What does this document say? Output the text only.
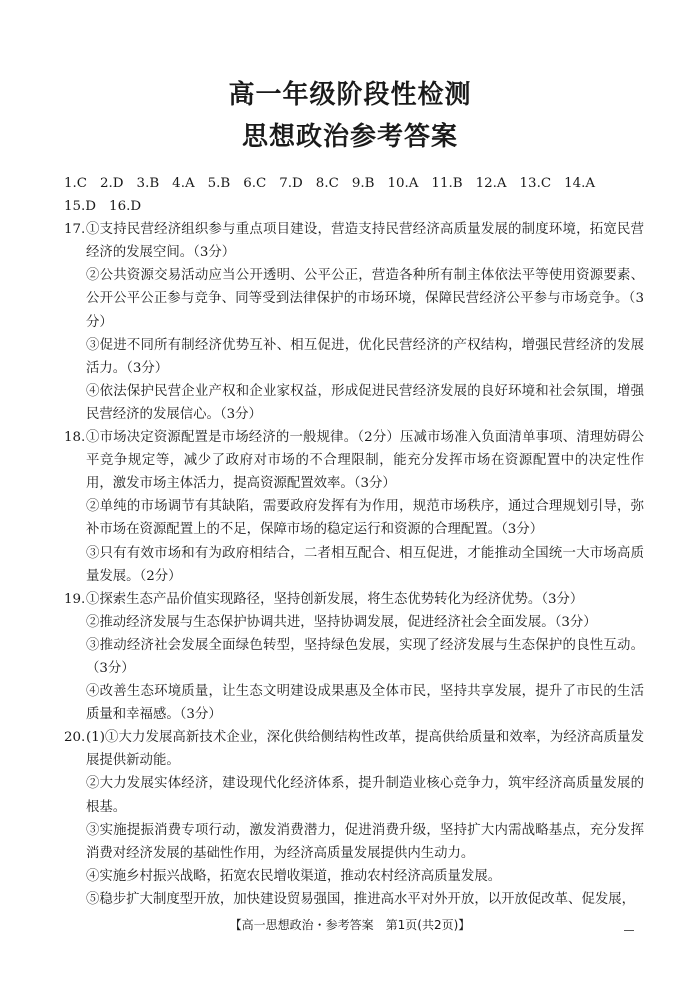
高一年级阶段性检测
思想政治参考答案
1.C 2.D 3.B 4.A 5.B 6.C 7.D 8.C 9.B 10.A 11.B 12.A 13.C 14.A
15.D 16.D
17. ①支持民营经济组织参与重点项目建设，营造支持民营经济高质量发展的制度环境，拓宽民营经济的发展空间。（3分）
②公共资源交易活动应当公开透明、公平公正，营造各种所有制主体依法平等使用资源要素、公开公平公正参与竞争、同等受到法律保护的市场环境，保障民营经济公平参与市场竞争。（3分）
③促进不同所有制经济优势互补、相互促进，优化民营经济的产权结构，增强民营经济的发展活力。（3分）
④依法保护民营企业产权和企业家权益，形成促进民营经济发展的良好环境和社会氛围，增强民营经济的发展信心。（3分）
18. ①市场决定资源配置是市场经济的一般规律。（2分）压减市场准入负面清单事项、清理妨碍公平竞争规定等，减少了政府对市场的不合理限制，能充分发挥市场在资源配置中的决定性作用，激发市场主体活力，提高资源配置效率。（3分）
②单纯的市场调节有其缺陷，需要政府发挥有为作用，规范市场秩序，通过合理规划引导，弥补市场在资源配置上的不足，保障市场的稳定运行和资源的合理配置。（3分）
③只有有效市场和有为政府相结合，二者相互配合、相互促进，才能推动全国统一大市场高质量发展。（2分）
19. ①探索生态产品价值实现路径，坚持创新发展，将生态优势转化为经济优势。（3分）
②推动经济发展与生态保护协调共进，坚持协调发展，促进经济社会全面发展。（3分）
③推动经济社会发展全面绿色转型，坚持绿色发展，实现了经济发展与生态保护的良性互动。（3分）
④改善生态环境质量，让生态文明建设成果惠及全体市民，坚持共享发展，提升了市民的生活质量和幸福感。（3分）
20. (1)①大力发展高新技术企业，深化供给侧结构性改革，提高供给质量和效率，为经济高质量发展提供新动能。
②大力发展实体经济，建设现代化经济体系，提升制造业核心竞争力，筑牢经济高质量发展的根基。
③实施提振消费专项行动，激发消费潜力，促进消费升级，坚持扩大内需战略基点，充分发挥消费对经济发展的基础性作用，为经济高质量发展提供内生动力。
④实施乡村振兴战略，拓宽农民增收渠道，推动农村经济高质量发展。
⑤稳步扩大制度型开放，加快建设贸易强国，推进高水平对外开放，以开放促改革、促发展，
【高一思想政治・参考答案　第1页(共2页)】
